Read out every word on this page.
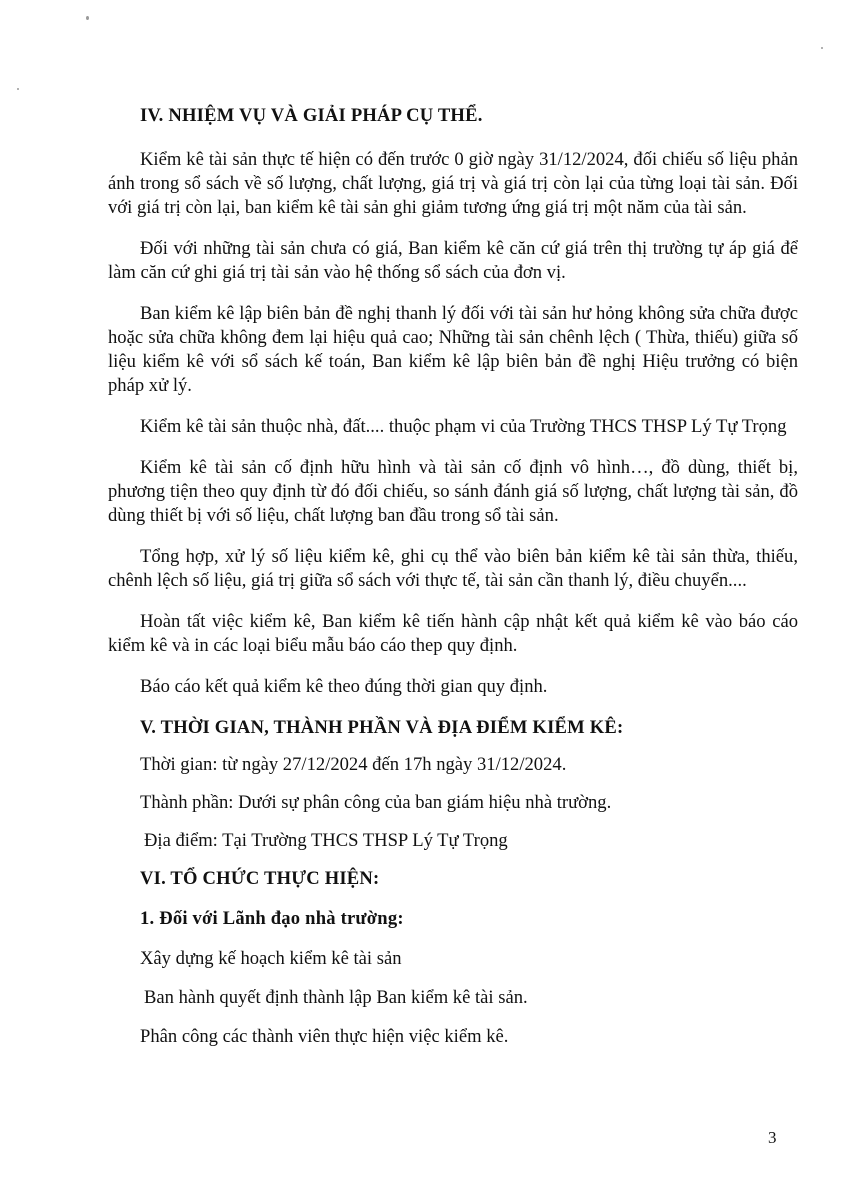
IV. NHIỆM VỤ VÀ GIẢI PHÁP CỤ THỂ.

Kiểm kê tài sản thực tế hiện có đến trước 0 giờ ngày 31/12/2024, đối chiếu số liệu phản ánh trong sổ sách về số lượng, chất lượng, giá trị và giá trị còn lại của từng loại tài sản. Đối với giá trị còn lại, ban kiểm kê tài sản ghi giảm tương ứng giá trị một năm của tài sản.

Đối với những tài sản chưa có giá, Ban kiểm kê căn cứ giá trên thị trường tự áp giá để làm căn cứ ghi giá trị tài sản vào hệ thống sổ sách của đơn vị.

Ban kiểm kê lập biên bản đề nghị thanh lý đối với tài sản hư hỏng không sửa chữa được hoặc sửa chữa không đem lại hiệu quả cao; Những tài sản chênh lệch ( Thừa, thiếu) giữa số liệu kiểm kê với sổ sách kế toán, Ban kiểm kê lập biên bản đề nghị Hiệu trưởng có biện pháp xử lý.

Kiểm kê tài sản thuộc nhà, đất.... thuộc phạm vi của Trường THCS THSP Lý Tự Trọng

Kiểm kê tài sản cố định hữu hình và tài sản cố định vô hình…, đồ dùng, thiết bị, phương tiện theo quy định từ đó đối chiếu, so sánh đánh giá số lượng, chất lượng tài sản, đồ dùng thiết bị với số liệu, chất lượng ban đầu trong sổ tài sản.

Tổng hợp, xử lý số liệu kiểm kê, ghi cụ thể vào biên bản kiểm kê tài sản thừa, thiếu, chênh lệch số liệu, giá trị giữa sổ sách với thực tế, tài sản cần thanh lý, điều chuyển....

Hoàn tất việc kiểm kê, Ban kiểm kê tiến hành cập nhật kết quả kiểm kê vào báo cáo kiểm kê và in các loại biểu mẫu báo cáo thep quy định.

Báo cáo kết quả kiểm kê theo đúng thời gian quy định.

V. THỜI GIAN, THÀNH PHẦN VÀ ĐỊA ĐIỂM KIỂM KÊ:

Thời gian: từ ngày 27/12/2024 đến 17h ngày 31/12/2024.

Thành phần: Dưới sự phân công của ban giám hiệu nhà trường.

Địa điểm: Tại Trường THCS THSP Lý Tự Trọng

VI. TỔ CHỨC THỰC HIỆN:

1. Đối với Lãnh đạo nhà trường:

Xây dựng kế hoạch kiểm kê tài sản

Ban hành quyết định thành lập Ban kiểm kê tài sản.

Phân công các thành viên thực hiện việc kiểm kê.

3
